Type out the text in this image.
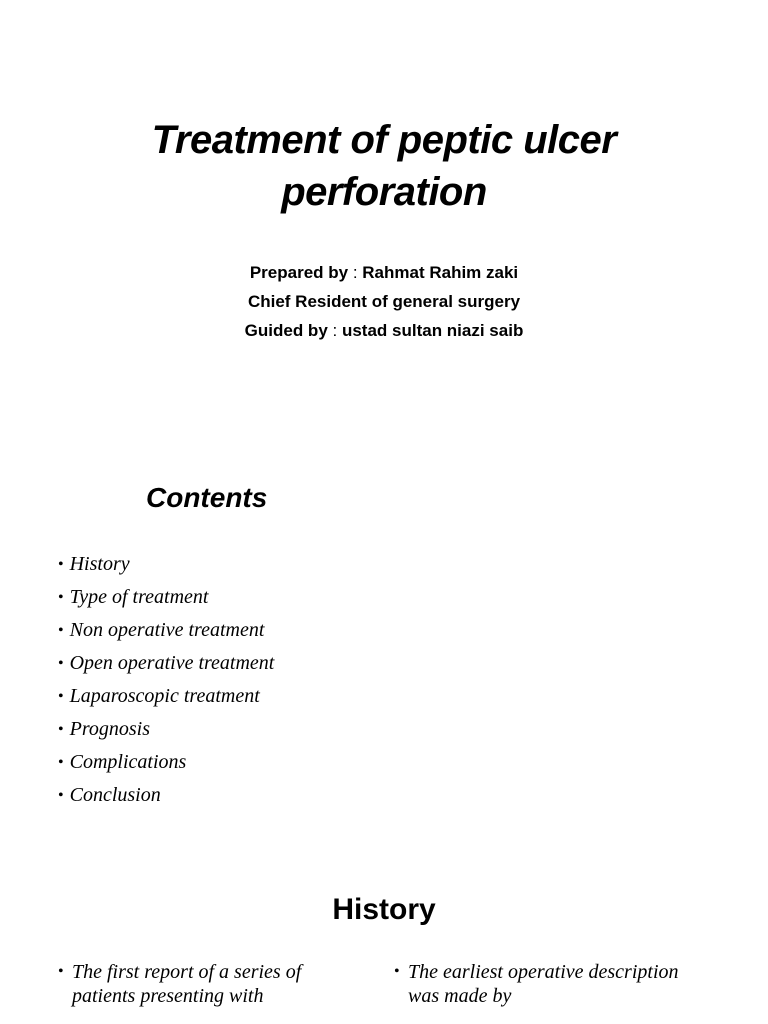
Treatment of peptic ulcer
perforation
Prepared by : Rahmat Rahim zaki
Chief Resident of general surgery
Guided by : ustad sultan niazi saib
Contents
• History
• Type of treatment
• Non operative treatment
• Open operative treatment
• Laparoscopic treatment
• Prognosis
• Complications
• Conclusion
History
• The first report of a series of patients presenting with
• The earliest operative description was made by
